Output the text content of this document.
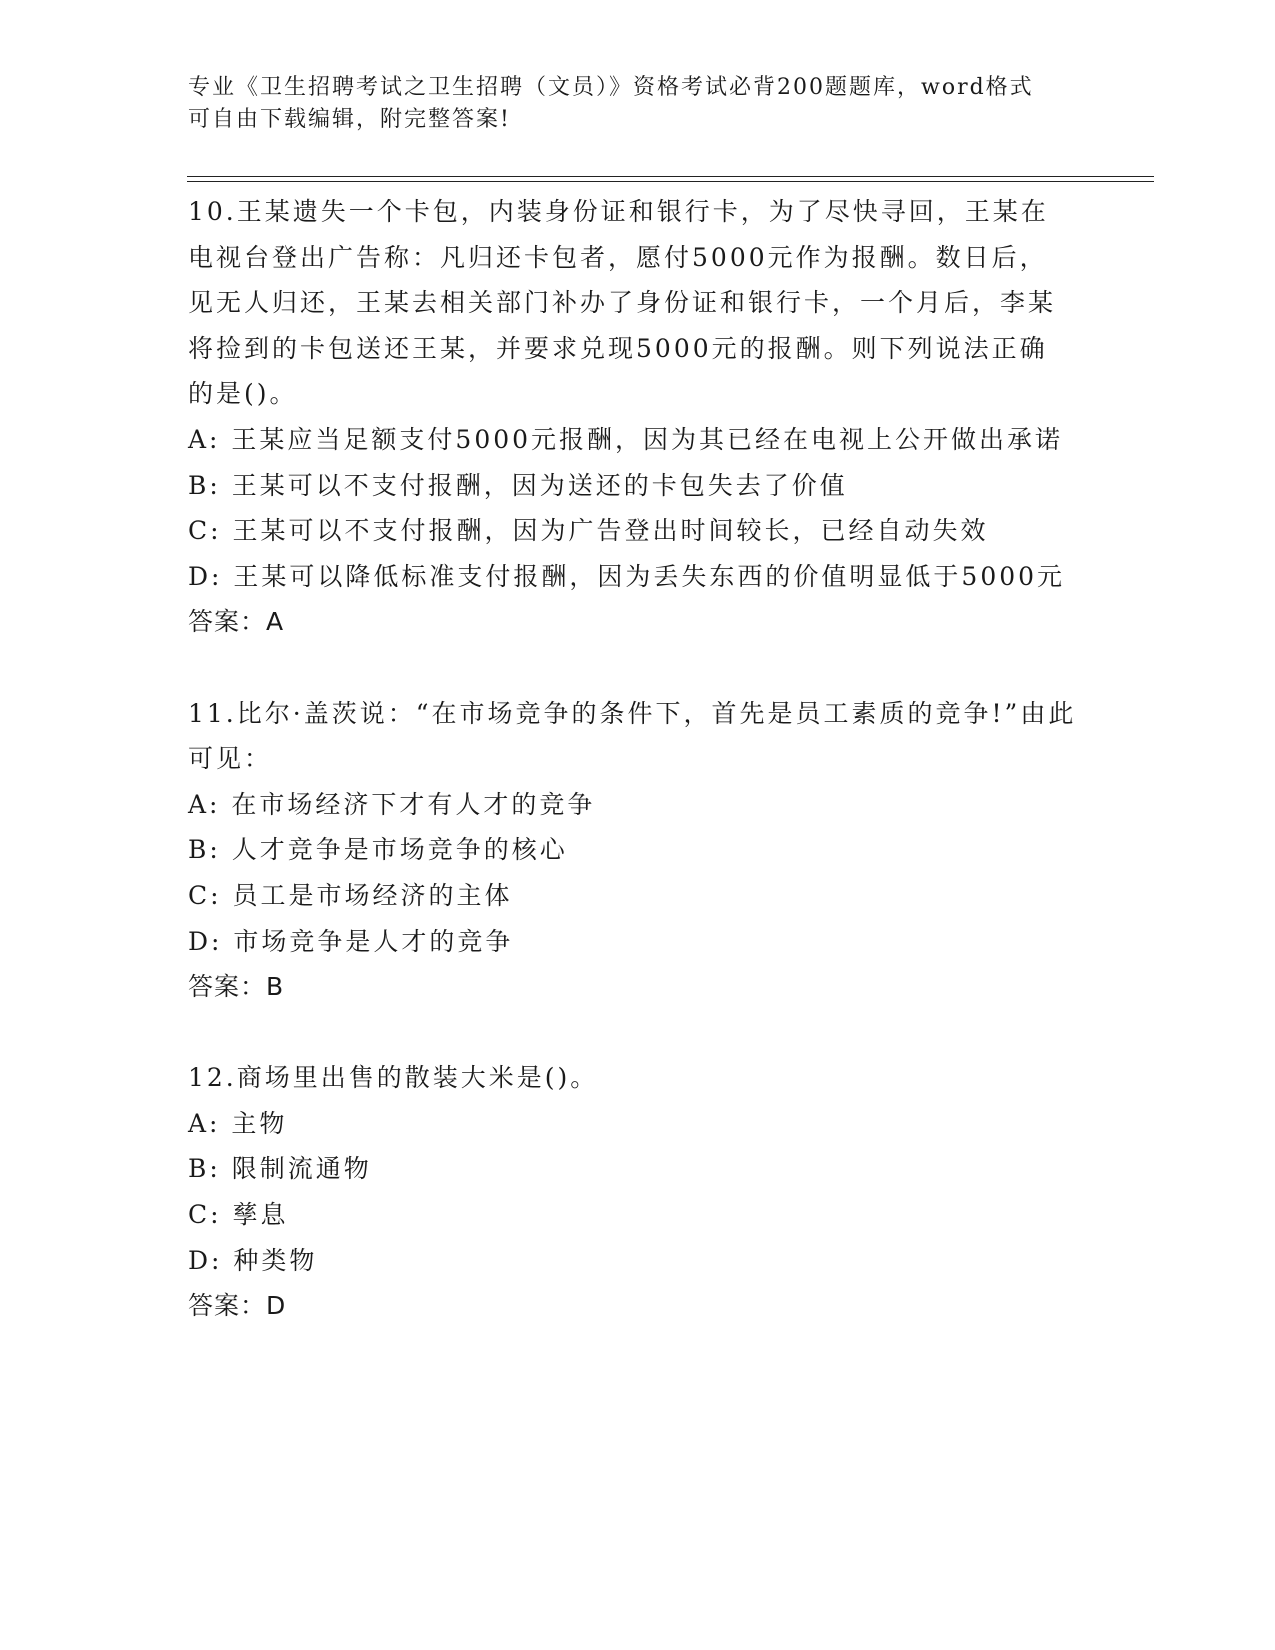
专业《卫生招聘考试之卫生招聘（文员）》资格考试必背200题题库，word格式
可自由下载编辑，附完整答案!

10.王某遗失一个卡包，内装身份证和银行卡，为了尽快寻回，王某在电视台登出广告称：凡归还卡包者，愿付5000元作为报酬。数日后，见无人归还，王某去相关部门补办了身份证和银行卡，一个月后，李某将捡到的卡包送还王某，并要求兑现5000元的报酬。则下列说法正确的是()。

A: 王某应当足额支付5000元报酬，因为其已经在电视上公开做出承诺

B: 王某可以不支付报酬，因为送还的卡包失去了价值

C: 王某可以不支付报酬，因为广告登出时间较长，已经自动失效

D: 王某可以降低标准支付报酬，因为丢失东西的价值明显低于5000元

答案：A

11.比尔·盖茨说：“在市场竞争的条件下，首先是员工素质的竞争!”由此可见：

A: 在市场经济下才有人才的竞争

B: 人才竞争是市场竞争的核心

C: 员工是市场经济的主体

D: 市场竞争是人才的竞争

答案：B

12.商场里出售的散装大米是()。

A: 主物

B: 限制流通物

C: 孳息

D: 种类物

答案：D
